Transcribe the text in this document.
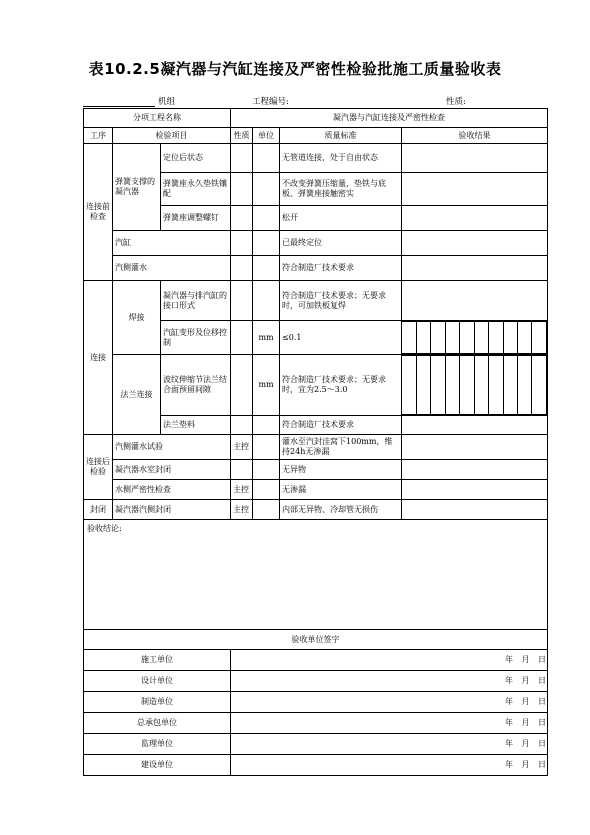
表10.2.5凝汽器与汽缸连接及严密性检验批施工质量验收表
机组	工程编号:	性质:
分项工程名称	凝汽器与汽缸连接及严密性检查
工序	检验项目	性质	单位	质量标准	验收结果
连接前检查	弹簧支撑的凝汽器	定位后状态			无管道连接，处于自由状态	
弹簧座永久垫铁镶配			不改变弹簧压缩量，垫铁与底板、弹簧座接触密实	
弹簧座调整螺钉			松开	
汽缸			已最终定位	
汽侧灌水			符合制造厂技术要求	
连接	焊接	凝汽器与排汽缸的接口形式			符合制造厂技术要求；无要求时，可加铁板复焊	
汽缸变形及位移控制		mm	≤0.1	

法兰连接	波纹伸缩节法兰结合面预留间隙		mm	符合制造厂技术要求；无要求时，宜为2.5～3.0	

法兰垫料			符合制造厂技术要求	
连接后检验	汽侧灌水试验	主控		灌水至汽封洼窝下100mm，维持24h无渗漏	
凝汽器水室封闭			无异物	
水侧严密性检查	主控		无渗漏	
封闭	凝汽器汽侧封闭	主控		内部无异物、冷却管无损伤	
验收结论:
验收单位签字
施工单位	年 月 日
设计单位	年 月 日
制造单位	年 月 日
总承包单位	年 月 日
监理单位	年 月 日
建设单位	年 月 日
